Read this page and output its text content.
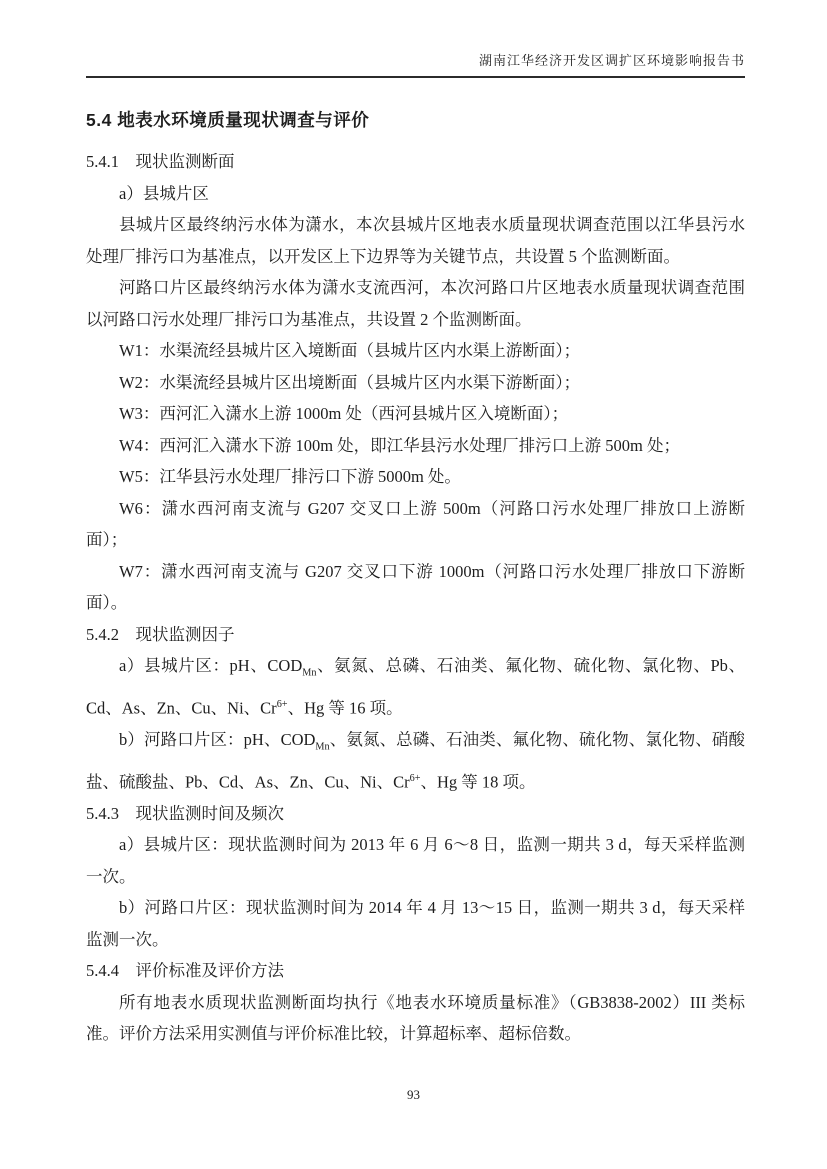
湖南江华经济开发区调扩区环境影响报告书
5.4 地表水环境质量现状调查与评价
5.4.1　现状监测断面

a）县城片区

县城片区最终纳污水体为潇水，本次县城片区地表水质量现状调查范围以江华县污水处理厂排污口为基准点，以开发区上下边界等为关键节点，共设置 5 个监测断面。

河路口片区最终纳污水体为潇水支流西河，本次河路口片区地表水质量现状调查范围以河路口污水处理厂排污口为基准点，共设置 2 个监测断面。

W1：水渠流经县城片区入境断面（县城片区内水渠上游断面）；

W2：水渠流经县城片区出境断面（县城片区内水渠下游断面）；

W3：西河汇入潇水上游 1000m 处（西河县城片区入境断面）；

W4：西河汇入潇水下游 100m 处，即江华县污水处理厂排污口上游 500m 处；

W5：江华县污水处理厂排污口下游 5000m 处。

W6：潇水西河南支流与 G207 交叉口上游 500m（河路口污水处理厂排放口上游断面）；

W7：潇水西河南支流与 G207 交叉口下游 1000m（河路口污水处理厂排放口下游断面）。

5.4.2　现状监测因子

a）县城片区：pH、$COD_{Mn}$、氨氮、总磷、石油类、氟化物、硫化物、氯化物、Pb、Cd、As、Zn、Cu、Ni、$Cr^{6+}$、Hg 等 16 项。

b）河路口片区：pH、$COD_{Mn}$、氨氮、总磷、石油类、氟化物、硫化物、氯化物、硝酸盐、硫酸盐、Pb、Cd、As、Zn、Cu、Ni、$Cr^{6+}$、Hg 等 18 项。

5.4.3　现状监测时间及频次

a）县城片区：现状监测时间为 2013 年 6 月 6～8 日，监测一期共 3 d，每天采样监测一次。

b）河路口片区：现状监测时间为 2014 年 4 月 13～15 日，监测一期共 3 d，每天采样监测一次。

5.4.4　评价标准及评价方法

所有地表水质现状监测断面均执行《地表水环境质量标准》（GB3838-2002）III 类标准。评价方法采用实测值与评价标准比较，计算超标率、超标倍数。

93
